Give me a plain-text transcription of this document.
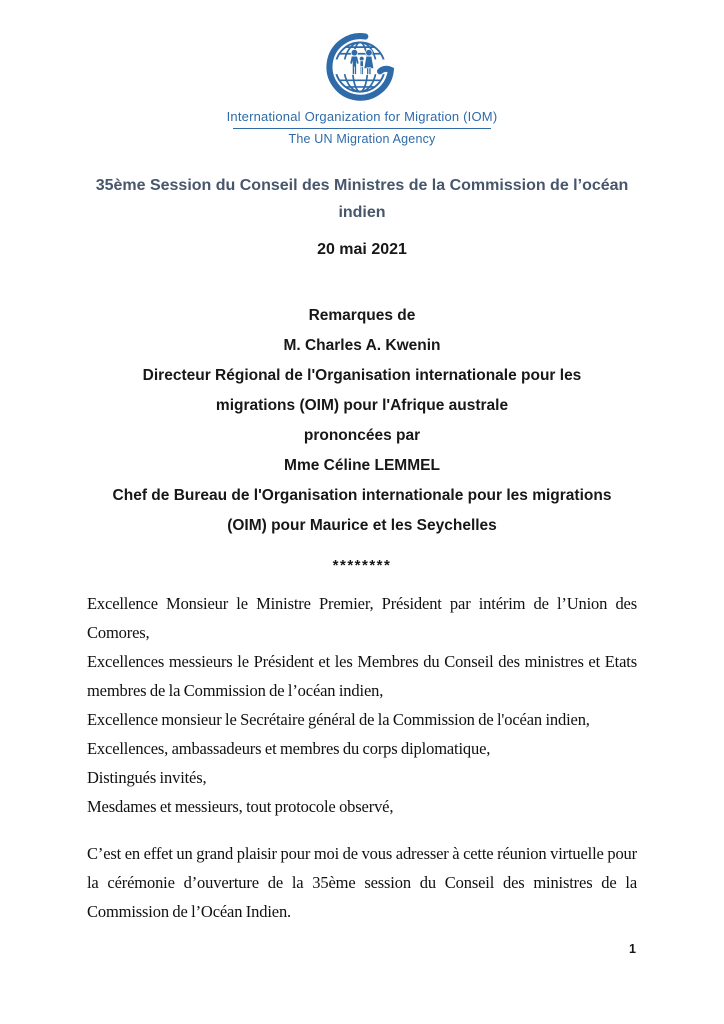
International Organization for Migration (IOM)
The UN Migration Agency
35ème Session du Conseil des Ministres de la Commission de l’océan
indien
20 mai 2021
Remarques de
M. Charles A. Kwenin
Directeur Régional de l'Organisation internationale pour les
migrations (OIM) pour l'Afrique australe
prononcées par
Mme Céline LEMMEL
Chef de Bureau de l'Organisation internationale pour les migrations
(OIM) pour Maurice et les Seychelles
********

Excellence Monsieur le Ministre Premier, Président par intérim de l’Union des Comores,

Excellences messieurs le Président et les Membres du Conseil des ministres et Etats membres de la Commission de l’océan indien,

Excellence monsieur le Secrétaire général de la Commission de l'océan indien,

Excellences, ambassadeurs et membres du corps diplomatique,

Distingués invités,

Mesdames et messieurs, tout protocole observé,

C’est en effet un grand plaisir pour moi de vous adresser à cette réunion virtuelle pour la cérémonie d’ouverture de la 35ème session du Conseil des ministres de la Commission de l’Océan Indien.

1
